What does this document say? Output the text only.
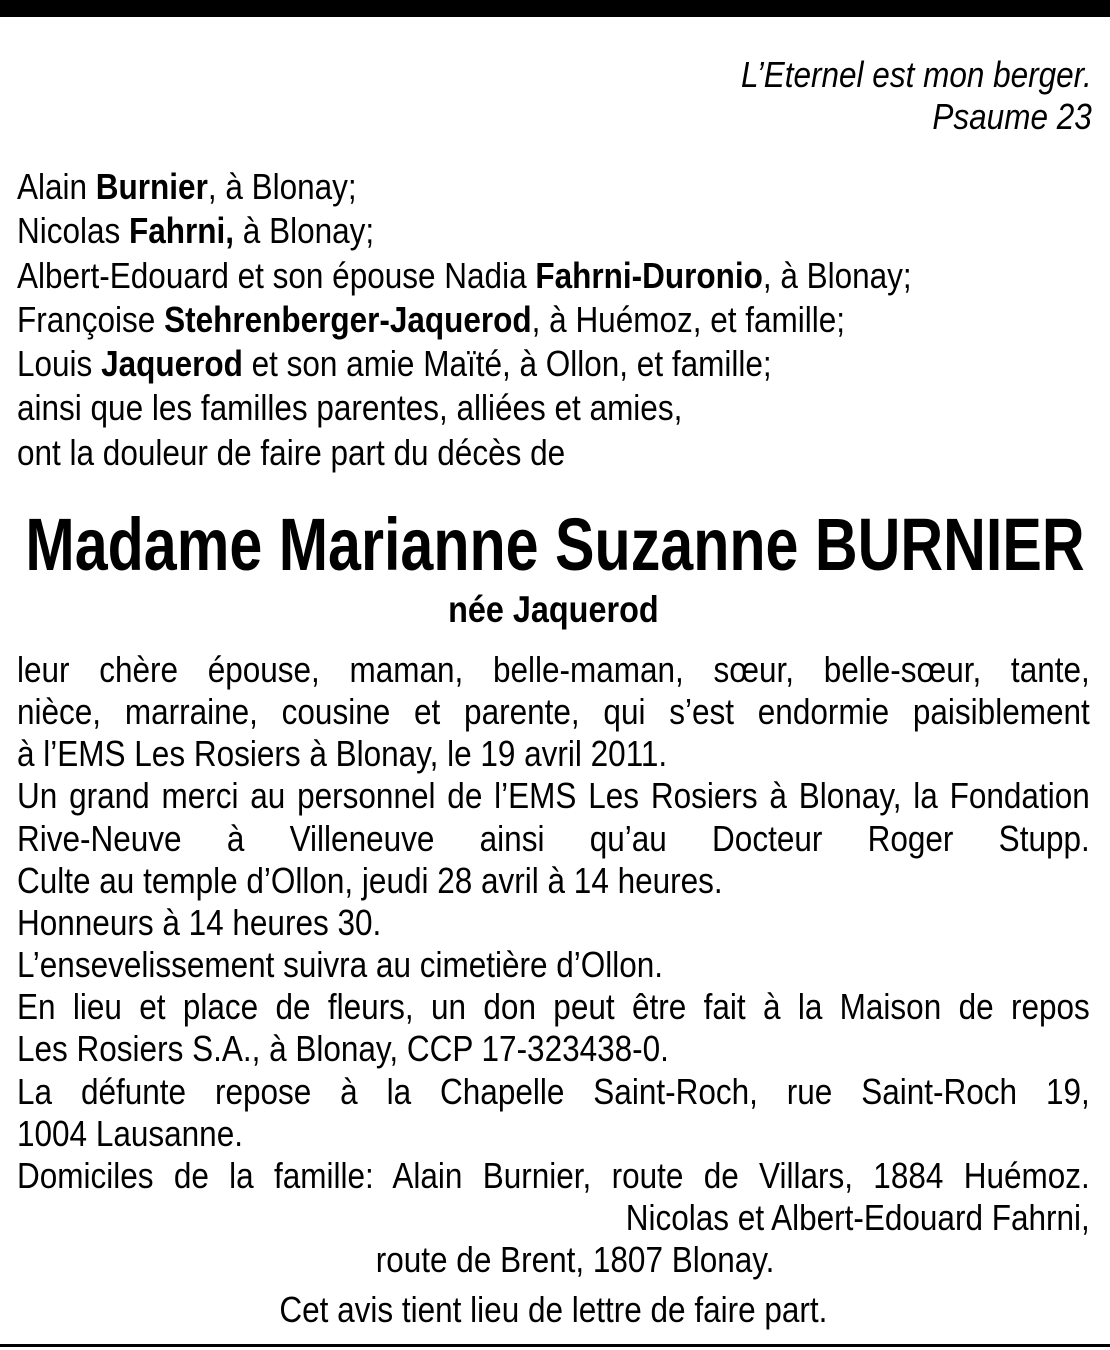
L’Eternel est mon berger.
Psaume 23
Alain Burnier, à Blonay;
Nicolas Fahrni, à Blonay;
Albert-Edouard et son épouse Nadia Fahrni-Duronio, à Blonay;
Françoise Stehrenberger-Jaquerod, à Huémoz, et famille;
Louis Jaquerod et son amie Maïté, à Ollon, et famille;
ainsi que les familles parentes, alliées et amies,
ont la douleur de faire part du décès de
Madame Marianne Suzanne BURNIER
née Jaquerod
leur chère épouse, maman, belle-maman, sœur, belle-sœur, tante,
nièce, marraine, cousine et parente, qui s’est endormie paisiblement
à l’EMS Les Rosiers à Blonay, le 19 avril 2011.
Un grand merci au personnel de l’EMS Les Rosiers à Blonay, la Fondation
Rive-Neuve à Villeneuve ainsi qu’au Docteur Roger Stupp.
Culte au temple d’Ollon, jeudi 28 avril à 14 heures.
Honneurs à 14 heures 30.
L’ensevelissement suivra au cimetière d’Ollon.
En lieu et place de fleurs, un don peut être fait à la Maison de repos
Les Rosiers S.A., à Blonay, CCP 17-323438-0.
La défunte repose à la Chapelle Saint-Roch, rue Saint-Roch 19,
1004 Lausanne.
Domiciles de la famille: Alain Burnier, route de Villars, 1884 Huémoz.
Nicolas et Albert-Edouard Fahrni,
route de Brent, 1807 Blonay.
Cet avis tient lieu de lettre de faire part.
